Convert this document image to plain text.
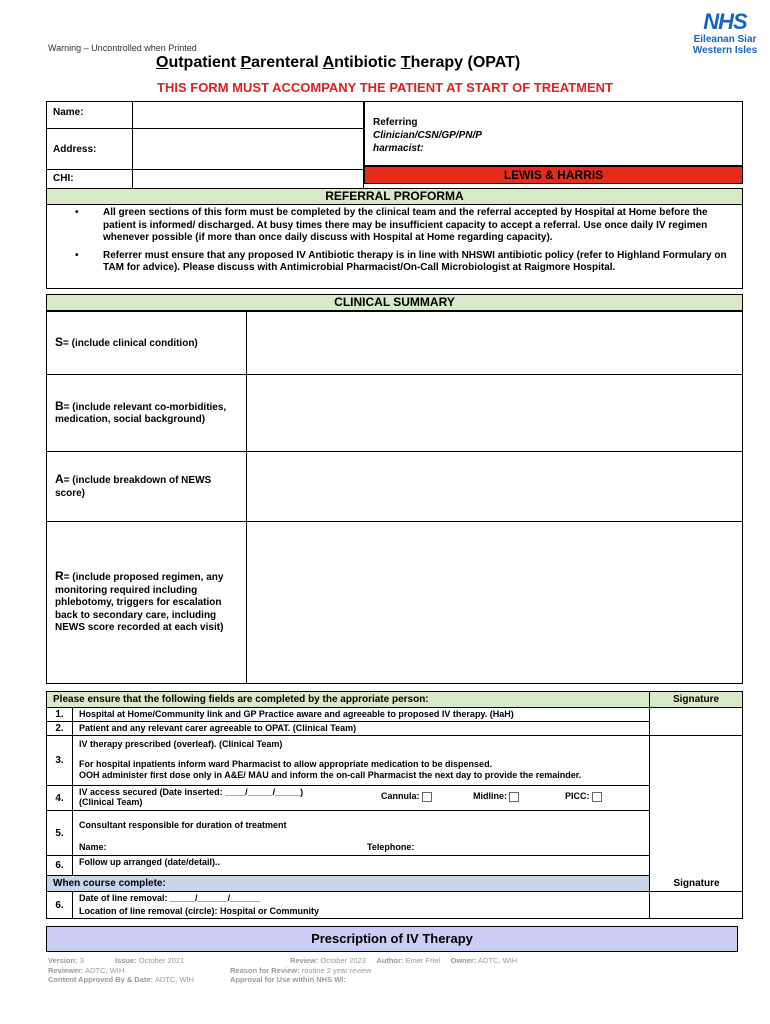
Warning – Uncontrolled when Printed
Outpatient Parenteral Antibiotic Therapy (OPAT)
THIS FORM MUST ACCOMPANY THE PATIENT AT START OF TREATMENT
NHS
Eileanan Siar
Western Isles
Name:	
Address:	
CHI:	
Referring
Clinician/CSN/GP/PN/P
harmacist:
LEWIS & HARRIS
REFERRAL PROFORMA
• All green sections of this form must be completed by the clinical team and the referral accepted by Hospital at Home before the patient is informed/ discharged. At busy times there may be insufficient capacity to accept a referral. Use once daily IV regimen whenever possible (if more than once daily discuss with Hospital at Home regarding capacity).
• Referrer must ensure that any proposed IV Antibiotic therapy is in line with NHSWI antibiotic policy (refer to Highland Formulary on TAM for advice). Please discuss with Antimicrobial Pharmacist/On-Call Microbiologist at Raigmore Hospital.
CLINICAL SUMMARY
S= (include clinical condition)	
B= (include relevant co-morbidities, medication, social background)	
A= (include breakdown of NEWS score)	
R= (include proposed regimen, any monitoring required including phlebotomy, triggers for escalation back to secondary care, including NEWS score recorded at each visit)	
Please ensure that the following fields are completed by the approriate person:		Signature
1.	Hospital at Home/Community link and GP Practice aware and agreeable to proposed IV therapy. (HaH)	
2.	Patient and any relevant carer agreeable to OPAT. (Clinical Team)	
3.	IV therapy prescribed (overleaf). (Clinical Team)
For hospital inpatients inform ward Pharmacist to allow appropriate medication to be dispensed.
OOH administer first dose only in A&E/ MAU and inform the on-call Pharmacist the next day to provide the remainder.	

4.	IV access secured (Date inserted: ____/_____/_____)
(Clinical Team)
Cannula: Midline: PICC:	

5.	Consultant responsible for duration of treatment
Name: Telephone:	

6.	Follow up arranged (date/detail)..	
When course complete:		
6.	Date of line removal: _____/______/______
Location of line removal (circle): Hospital or Community	

Signature
Prescription of IV Therapy
Version: 3	Issue: October 2021	Review: October 2023 Author: Emer Friel Owner: ADTC, WIH
Reviewer: ADTC, WIH	Reason for Review: routine 2 year review
Content Approved By & Date: ADTC, WIH	Approval for Use within NHS WI:
